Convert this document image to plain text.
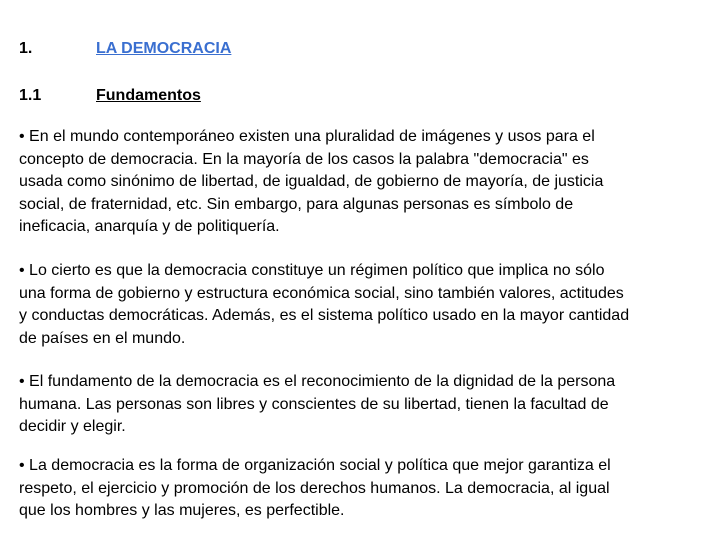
1.	LA DEMOCRACIA
1.1	Fundamentos

• En el mundo contemporáneo existen una pluralidad de imágenes y usos para el
concepto de democracia. En la mayoría de los casos la palabra "democracia" es
usada como sinónimo de libertad, de igualdad, de gobierno de mayoría, de justicia
social, de fraternidad, etc. Sin embargo, para algunas personas es símbolo de
ineficacia, anarquía y de politiquería.

• Lo cierto es que la democracia constituye un régimen político que implica no sólo
una forma de gobierno y estructura económica social, sino también valores, actitudes
y conductas democráticas. Además, es el sistema político usado en la mayor cantidad
de países en el mundo.

• El fundamento de la democracia es el reconocimiento de la dignidad de la persona
humana. Las personas son libres y conscientes de su libertad, tienen la facultad de
decidir y elegir.

• La democracia es la forma de organización social y política que mejor garantiza el
respeto, el ejercicio y promoción de los derechos humanos. La democracia, al igual
que los hombres y las mujeres, es perfectible.
